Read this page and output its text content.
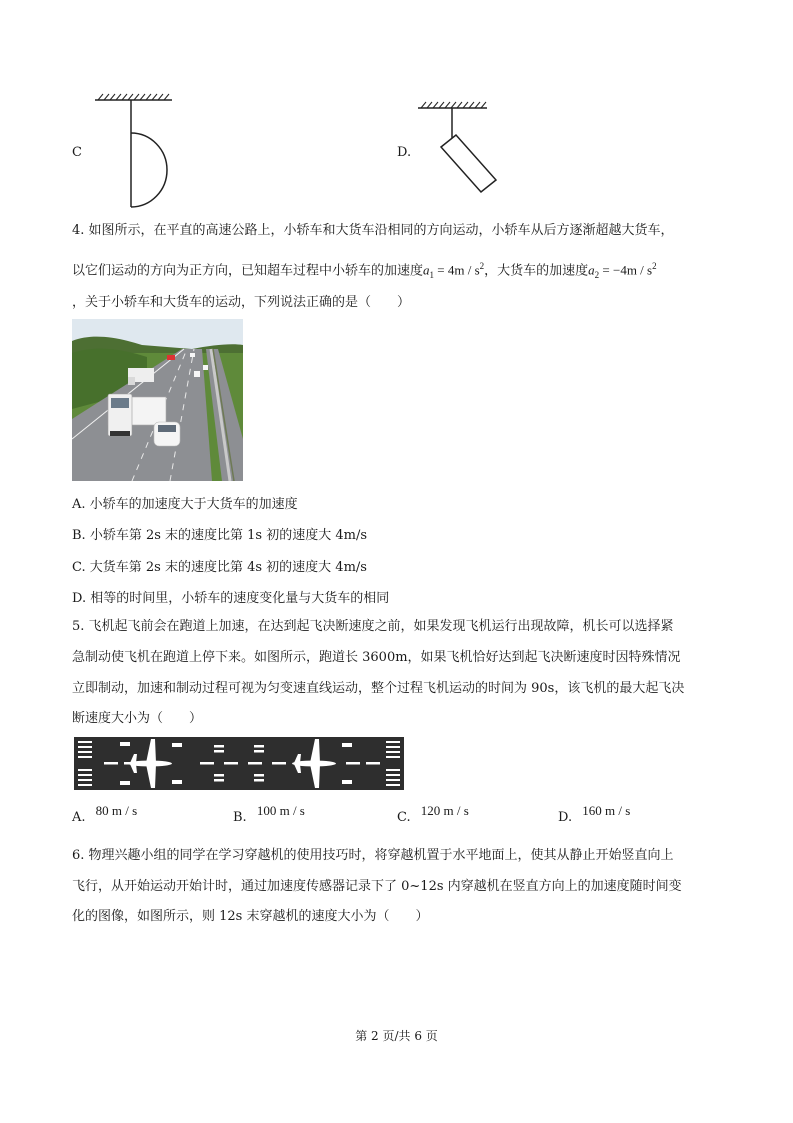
C	D.
4. 如图所示，在平直的高速公路上，小轿车和大货车沿相同的方向运动，小轿车从后方逐渐超越大货车，
以它们运动的方向为正方向，已知超车过程中小轿车的加速度$a_1 = 4m / s^2$，大货车的加速度$a_2 = -4m / s^2$
，关于小轿车和大货车的运动，下列说法正确的是（　　）
A. 小轿车的加速度大于大货车的加速度
B. 小轿车第 2s 末的速度比第 1s 初的速度大 4m/s
C. 大货车第 2s 末的速度比第 4s 初的速度大 4m/s
D. 相等的时间里，小轿车的速度变化量与大货车的相同
5. 飞机起飞前会在跑道上加速，在达到起飞决断速度之前，如果发现飞机运行出现故障，机长可以选择紧
急制动使飞机在跑道上停下来。如图所示，跑道长 3600m，如果飞机恰好达到起飞决断速度时因特殊情况
立即制动，加速和制动过程可视为匀变速直线运动，整个过程飞机运动的时间为 90s，该飞机的最大起飞决
断速度大小为（　　）
A. 80 m / s	B. 100 m / s	C. 120 m / s	D. 160 m / s
6. 物理兴趣小组的同学在学习穿越机的使用技巧时，将穿越机置于水平地面上，使其从静止开始竖直向上
飞行，从开始运动开始计时，通过加速度传感器记录下了 0~12s 内穿越机在竖直方向上的加速度随时间变
化的图像，如图所示，则 12s 末穿越机的速度大小为（　　）
第 2 页/共 6 页
